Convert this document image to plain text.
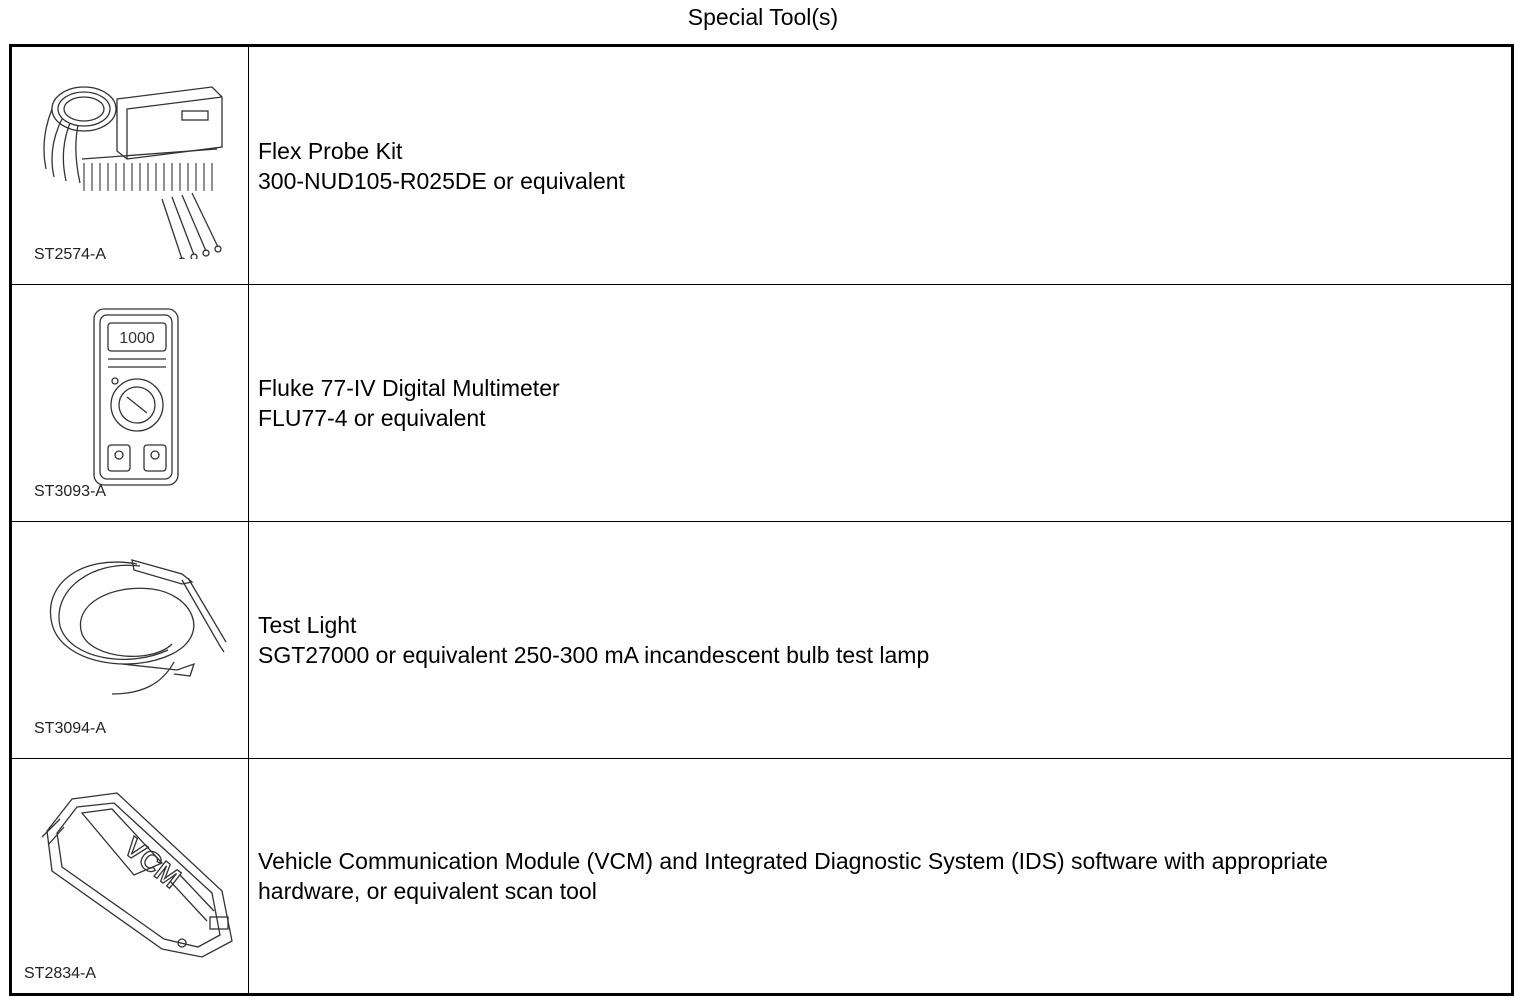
Special Tool(s)
ST2574-A
Flex Probe Kit
300-NUD105-R025DE or equivalent
1000
ST3093-A
Fluke 77-IV Digital Multimeter
FLU77-4 or equivalent
ST3094-A
Test Light
SGT27000 or equivalent 250-300 mA incandescent bulb test lamp
VCM
ST2834-A
Vehicle Communication Module (VCM) and Integrated Diagnostic System (IDS) software with appropriate
hardware, or equivalent scan tool
